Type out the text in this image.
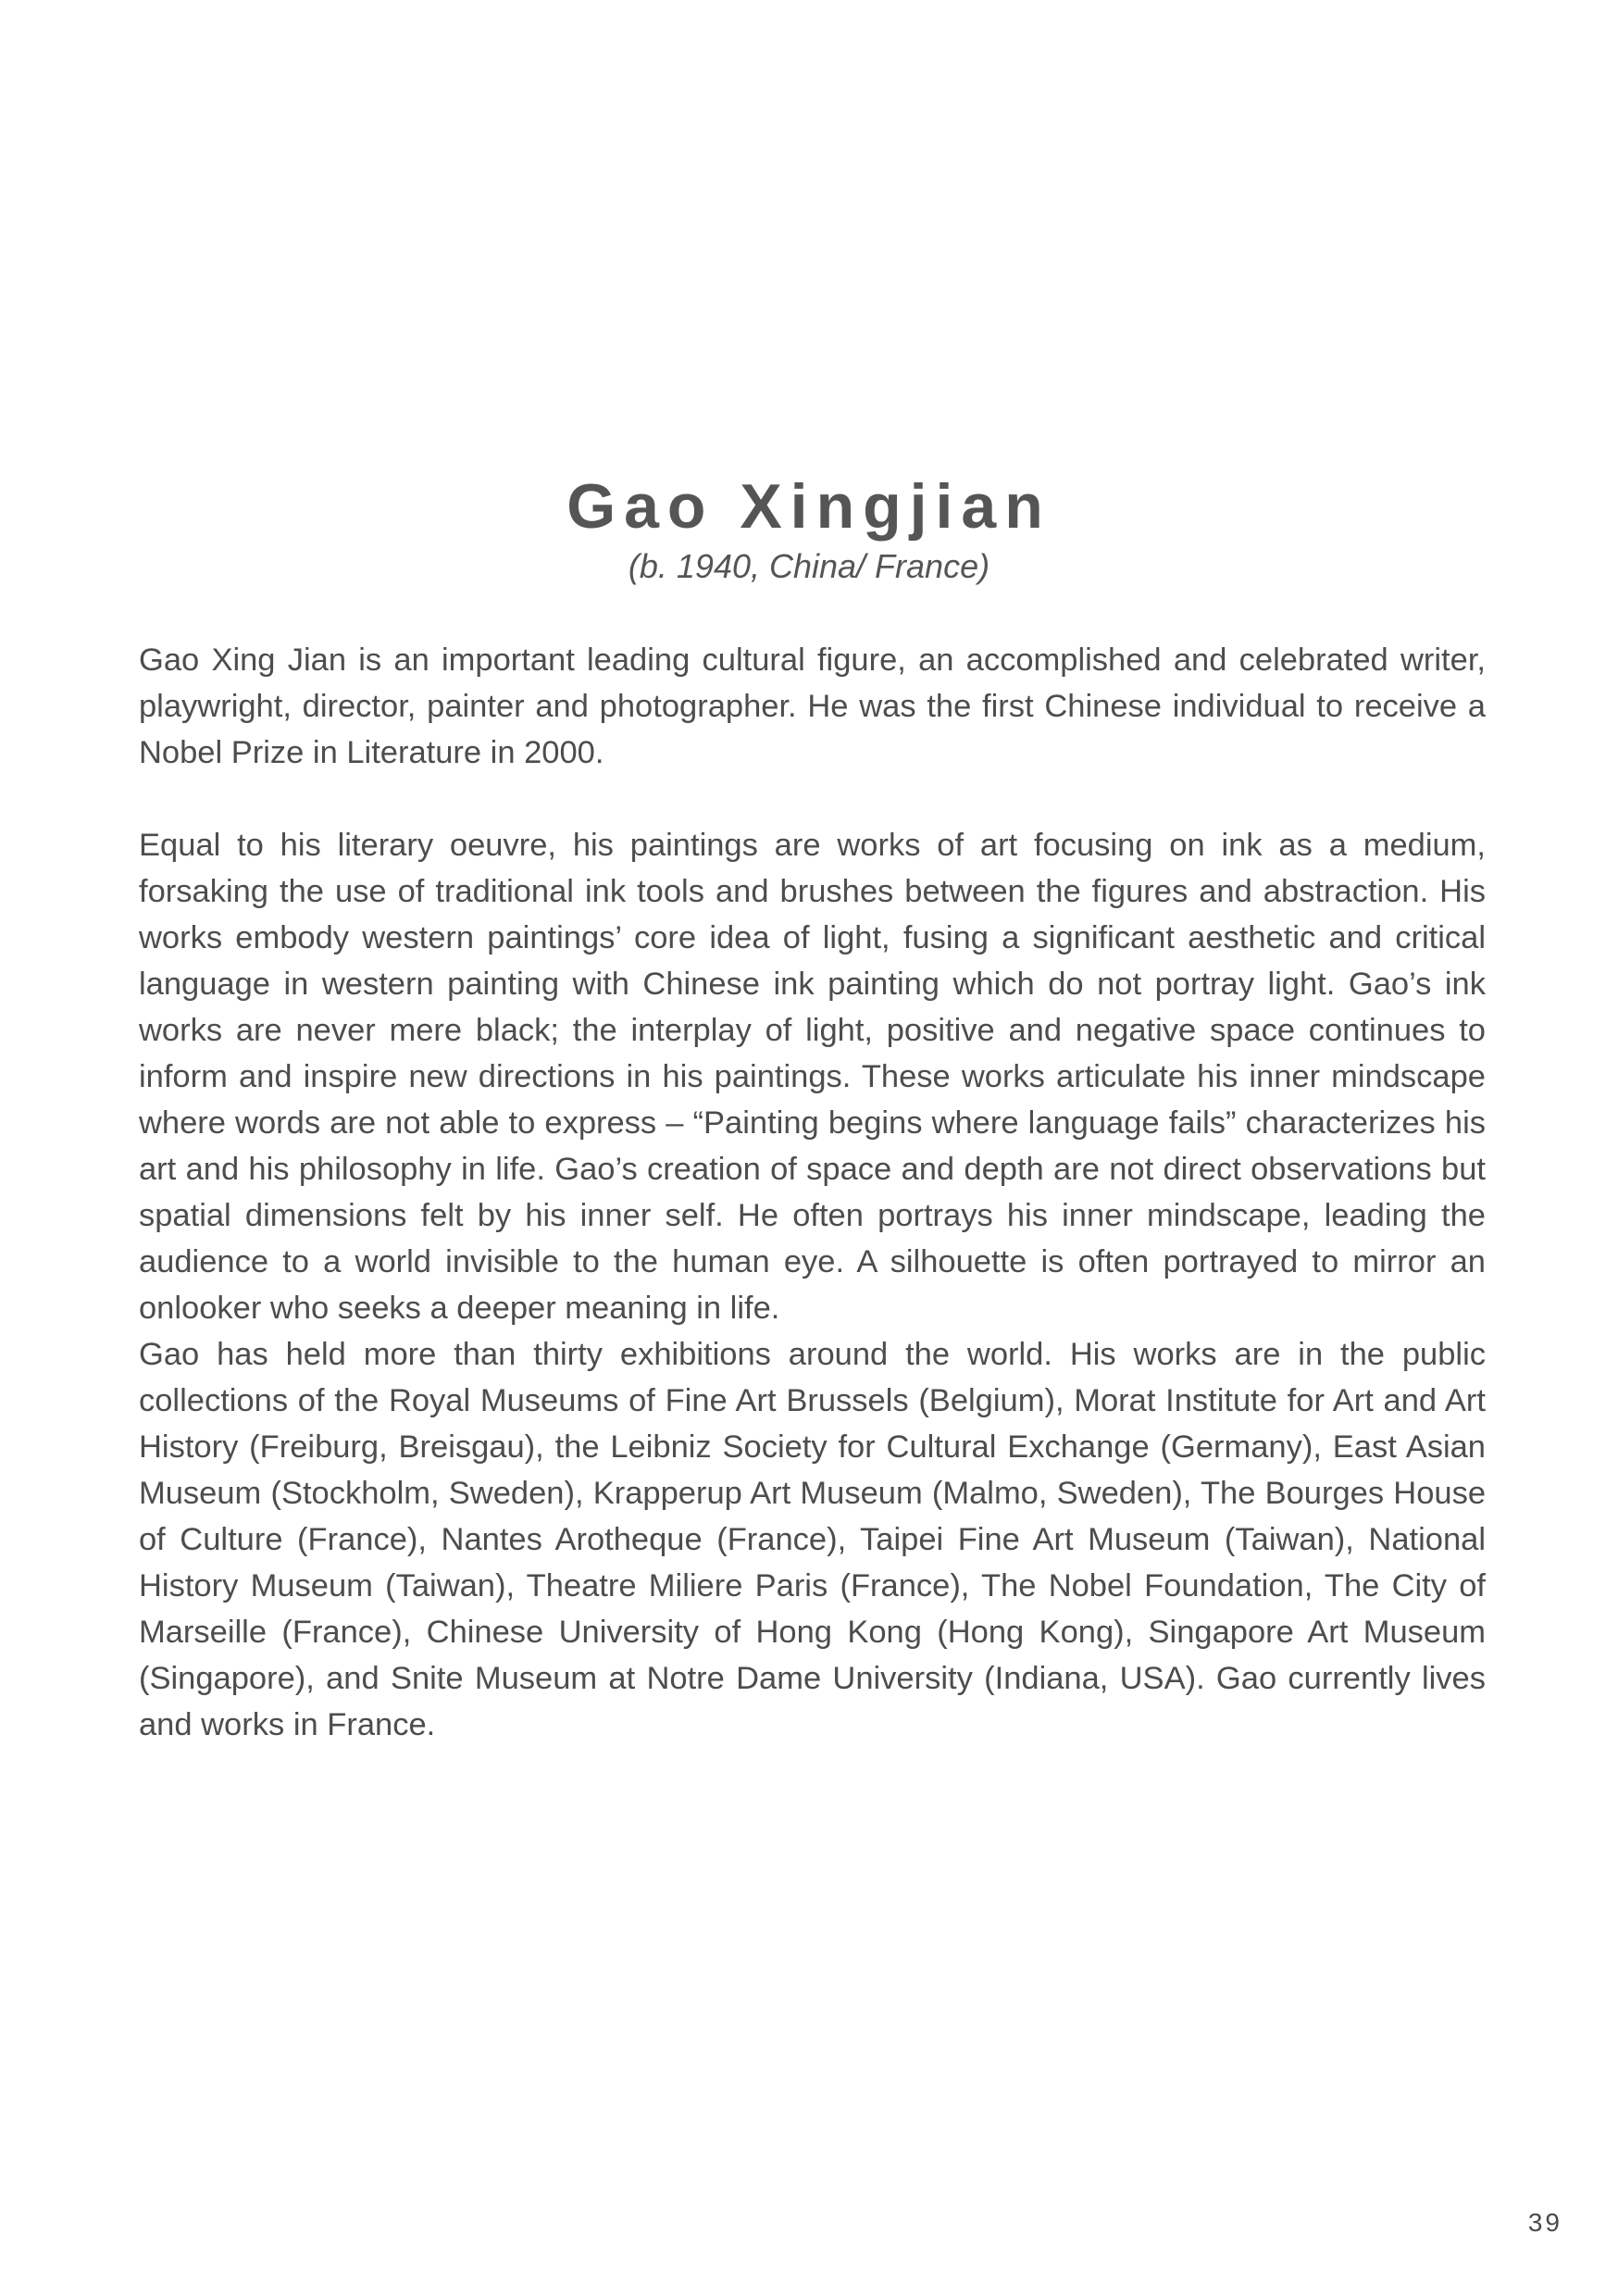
Gao Xingjian
(b. 1940, China/ France)

Gao Xing Jian is an important leading cultural figure, an accomplished and celebrated writer, playwright, director, painter and photographer. He was the first Chinese individual to receive a Nobel Prize in Literature in 2000.

Equal to his literary oeuvre, his paintings are works of art focusing on ink as a medium, forsaking the use of traditional ink tools and brushes between the figures and abstraction. His works embody western paintings’ core idea of light, fusing a significant aesthetic and critical language in western painting with Chinese ink painting which do not portray light. Gao’s ink works are never mere black; the interplay of light, positive and negative space continues to inform and inspire new directions in his paintings. These works articulate his inner mindscape where words are not able to express – “Painting begins where language fails” characterizes his art and his philosophy in life. Gao’s creation of space and depth are not direct observations but spatial dimensions felt by his inner self. He often portrays his inner mindscape, leading the audience to a world invisible to the human eye. A silhouette is often portrayed to mirror an onlooker who seeks a deeper meaning in life.

Gao has held more than thirty exhibitions around the world. His works are in the public collections of the Royal Museums of Fine Art Brussels (Belgium), Morat Institute for Art and Art History (Freiburg, Breisgau), the Leibniz Society for Cultural Exchange (Germany), East Asian Museum (Stockholm, Sweden), Krapperup Art Museum (Malmo, Sweden), The Bourges House of Culture (France), Nantes Arotheque (France), Taipei Fine Art Museum (Taiwan), National History Museum (Taiwan), Theatre Miliere Paris (France), The Nobel Foundation, The City of Marseille (France), Chinese University of Hong Kong (Hong Kong), Singapore Art Museum (Singapore), and Snite Museum at Notre Dame University (Indiana, USA). Gao currently lives and works in France.

39
